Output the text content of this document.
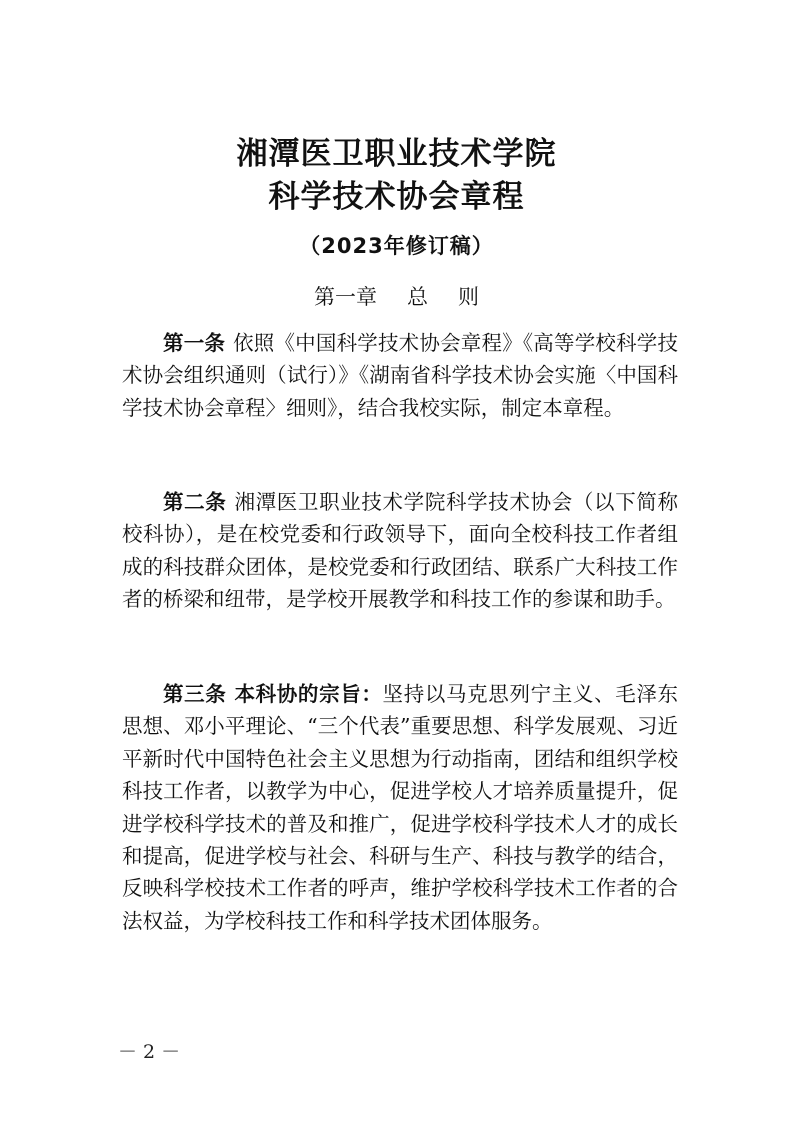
湘潭医卫职业技术学院
科学技术协会章程
（2023年修订稿）
第一章 总 则

第一条 依照《中国科学技术协会章程》《高等学校科学技术协会组织通则（试行）》《湖南省科学技术协会实施〈中国科学技术协会章程〉细则》，结合我校实际，制定本章程。

第二条 湘潭医卫职业技术学院科学技术协会（以下简称校科协），是在校党委和行政领导下，面向全校科技工作者组成的科技群众团体，是校党委和行政团结、联系广大科技工作者的桥梁和纽带，是学校开展教学和科技工作的参谋和助手。

第三条 本科协的宗旨：坚持以马克思列宁主义、毛泽东思想、邓小平理论、“三个代表”重要思想、科学发展观、习近平新时代中国特色社会主义思想为行动指南，团结和组织学校科技工作者，以教学为中心，促进学校人才培养质量提升，促进学校科学技术的普及和推广，促进学校科学技术人才的成长和提高，促进学校与社会、科研与生产、科技与教学的结合，反映科学校技术工作者的呼声，维护学校科学技术工作者的合法权益，为学校科技工作和科学技术团体服务。

－ 2 －
